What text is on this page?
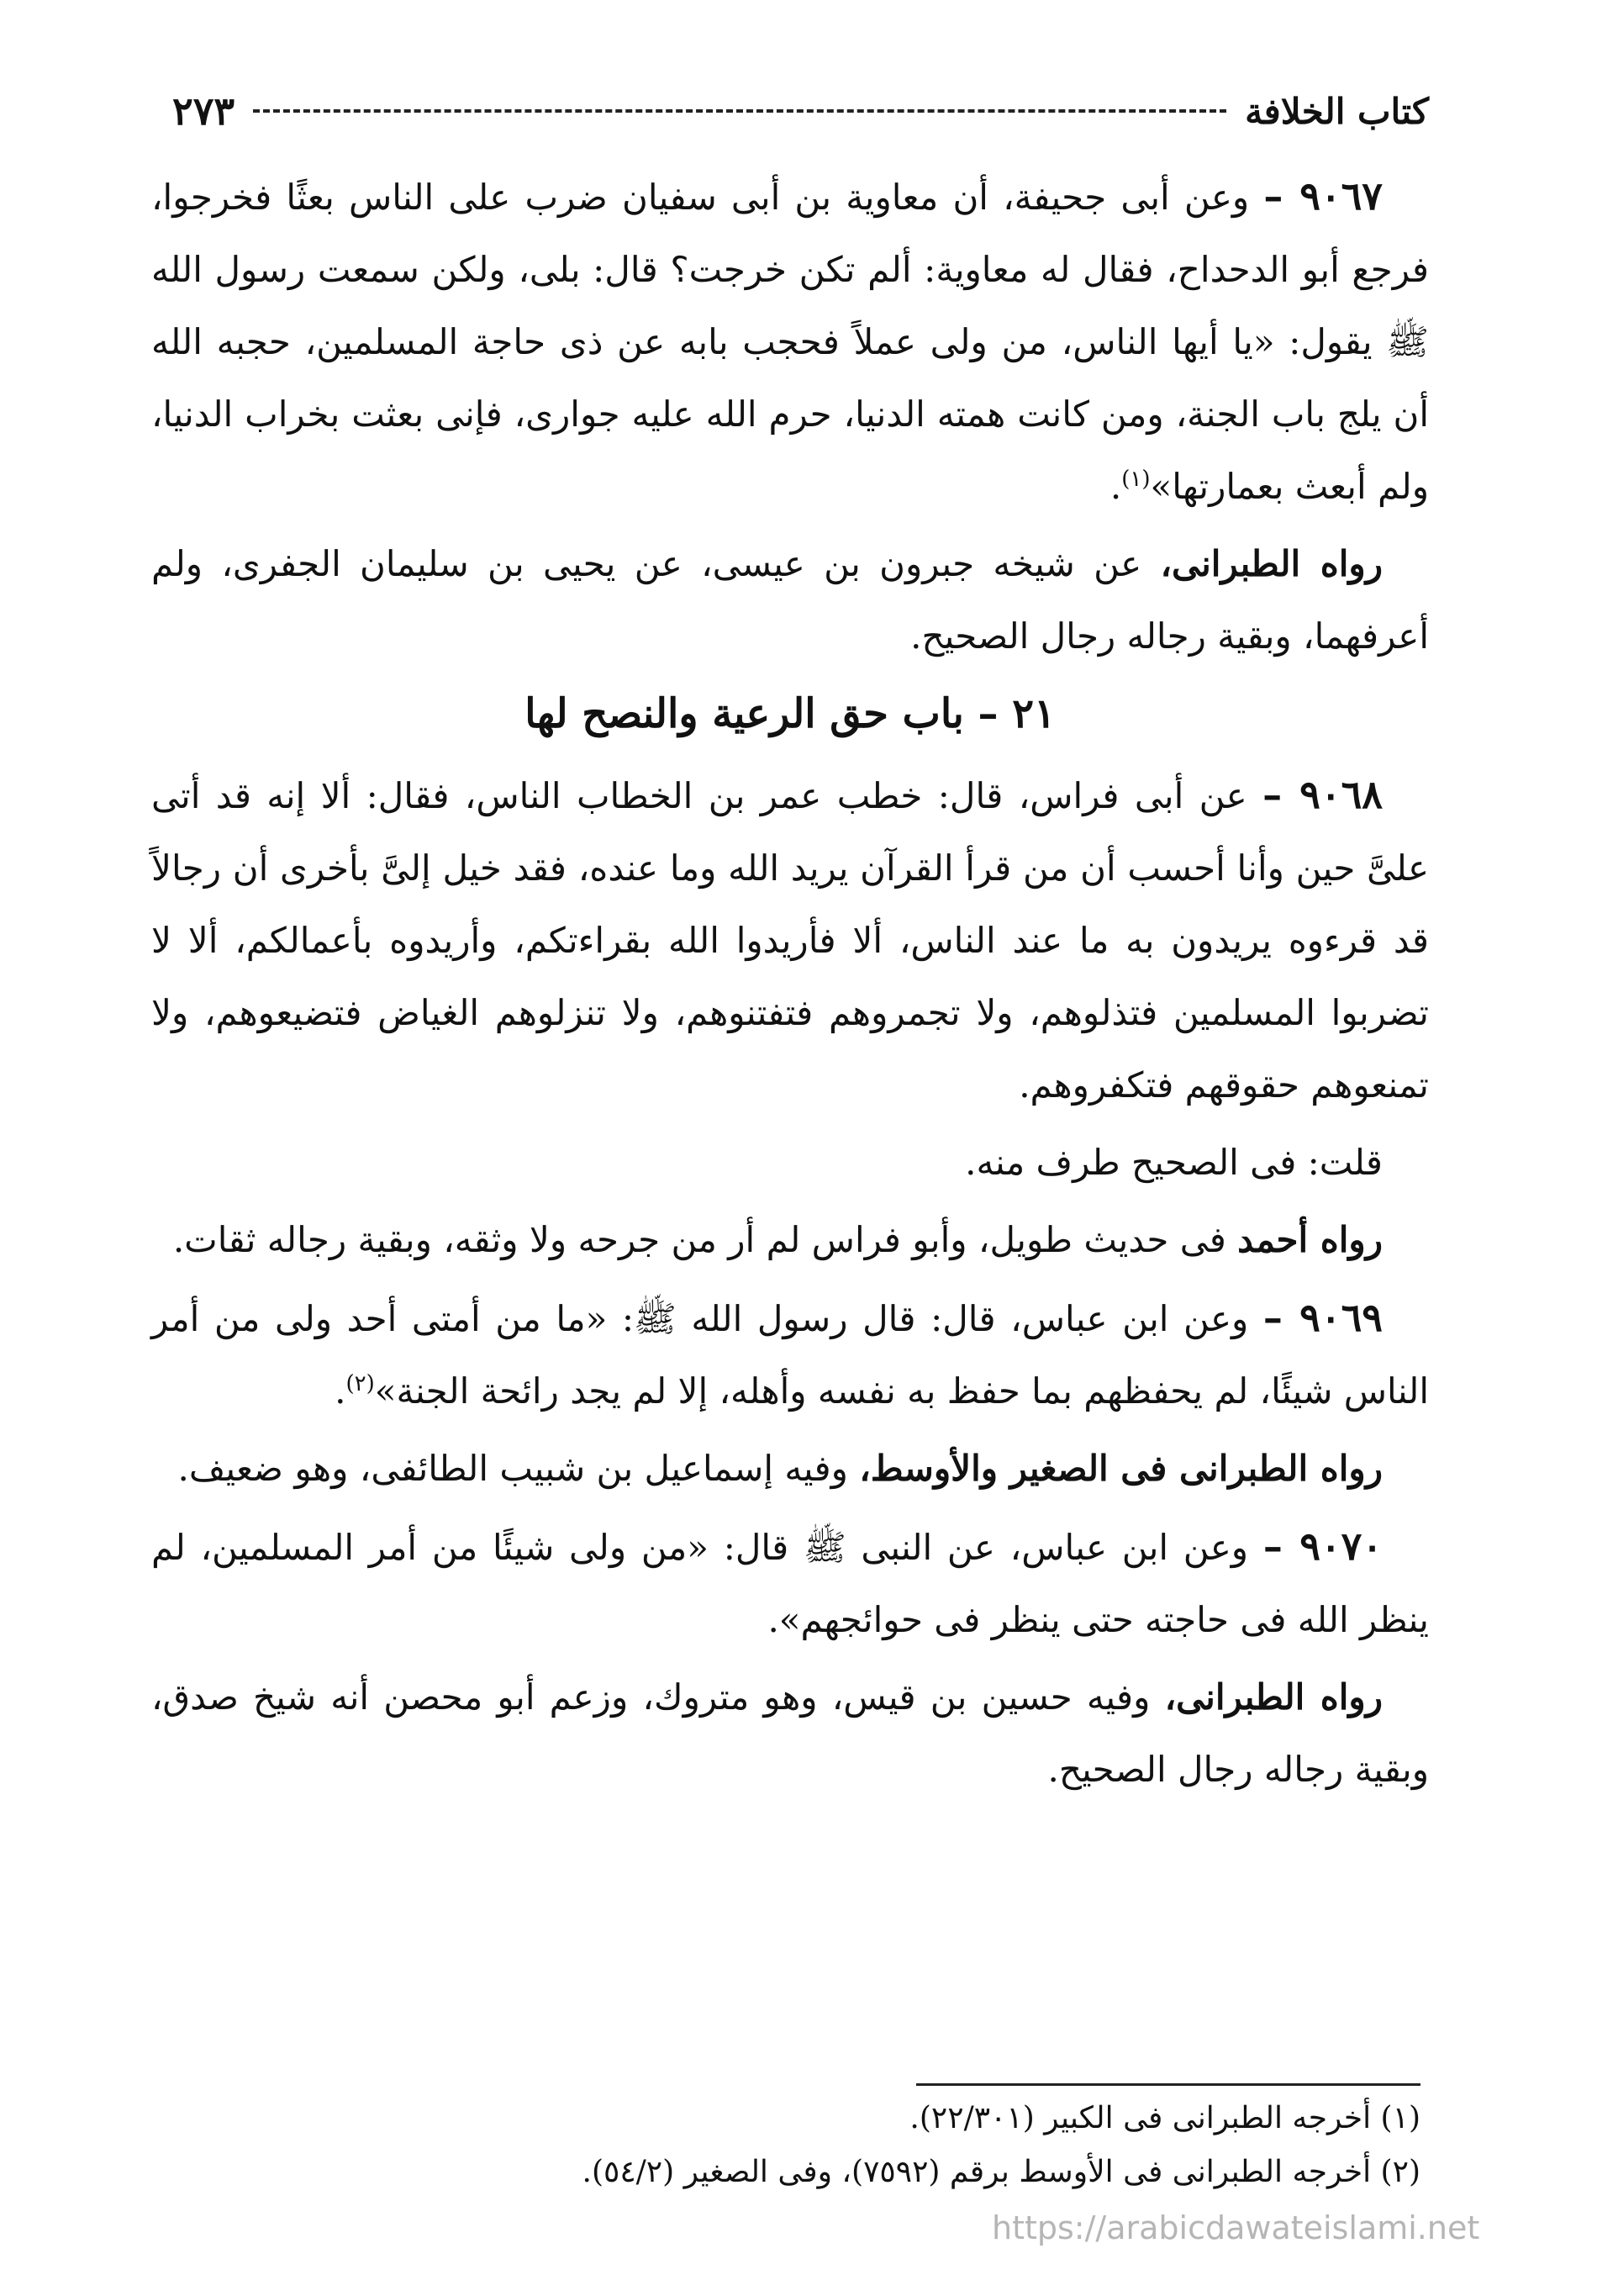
كتاب الخلافة
٢٧٣

٩٠٦٧ – وعن أبى جحيفة، أن معاوية بن أبى سفيان ضرب على الناس بعثًا فخرجوا، فرجع أبو الدحداح، فقال له معاوية: ألم تكن خرجت؟ قال: بلى، ولكن سمعت رسول الله ﷺ يقول: «يا أيها الناس، من ولى عملاً فحجب بابه عن ذى حاجة المسلمين، حجبه الله أن يلج باب الجنة، ومن كانت همته الدنيا، حرم الله عليه جوارى، فإنى بعثت بخراب الدنيا، ولم أبعث بعمارتها»$^{(١)}$.

رواه الطبرانى، عن شيخه جبرون بن عيسى، عن يحيى بن سليمان الجفرى، ولم أعرفهما، وبقية رجاله رجال الصحيح.

٢١ – باب حق الرعية والنصح لها

٩٠٦٨ – عن أبى فراس، قال: خطب عمر بن الخطاب الناس، فقال: ألا إنه قد أتى علىَّ حين وأنا أحسب أن من قرأ القرآن يريد الله وما عنده، فقد خيل إلىَّ بأخرى أن رجالاً قد قرءوه يريدون به ما عند الناس، ألا فأريدوا الله بقراءتكم، وأريدوه بأعمالكم، ألا لا تضربوا المسلمين فتذلوهم، ولا تجمروهم فتفتنوهم، ولا تنزلوهم الغياض فتضيعوهم، ولا تمنعوهم حقوقهم فتكفروهم.

قلت: فى الصحيح طرف منه.

رواه أحمد فى حديث طويل، وأبو فراس لم أر من جرحه ولا وثقه، وبقية رجاله ثقات.

٩٠٦٩ – وعن ابن عباس، قال: قال رسول الله ﷺ: «ما من أمتى أحد ولى من أمر الناس شيئًا، لم يحفظهم بما حفظ به نفسه وأهله، إلا لم يجد رائحة الجنة»$^{(٢)}$.

رواه الطبرانى فى الصغير والأوسط، وفيه إسماعيل بن شبيب الطائفى، وهو ضعيف.

٩٠٧٠ – وعن ابن عباس، عن النبى ﷺ قال: «من ولى شيئًا من أمر المسلمين، لم ينظر الله فى حاجته حتى ينظر فى حوائجهم».

رواه الطبرانى، وفيه حسين بن قيس، وهو متروك، وزعم أبو محصن أنه شيخ صدق، وبقية رجاله رجال الصحيح.

(١) أخرجه الطبرانى فى الكبير (٢٢/٣٠١).
(٢) أخرجه الطبرانى فى الأوسط برقم (٧٥٩٢)، وفى الصغير (٥٤/٢).
https://arabicdawateislami.net
